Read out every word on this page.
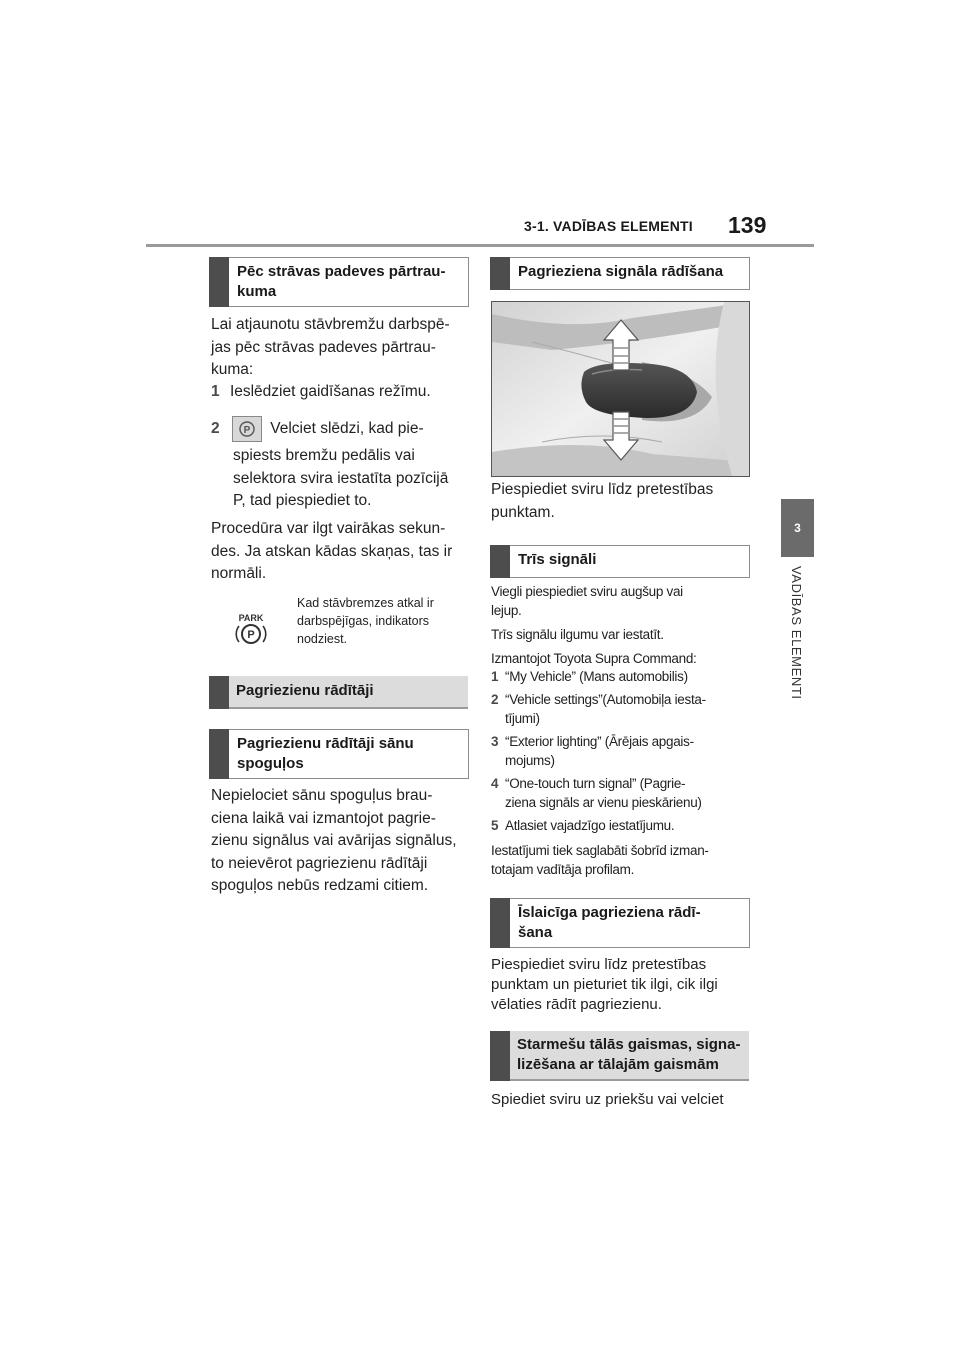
3-1. VADĪBAS ELEMENTI 139
3
VADĪBAS ELEMENTI
Pēc strāvas padeves pārtrau-
kuma
Lai atjaunotu stāvbremžu darbspē-
jas pēc strāvas padeves pārtrau-
kuma:
1 Ieslēdziet gaidīšanas režīmu.
2 P Velciet slēdzi, kad pie-
spiests bremžu pedālis vai
selektora svira iestatīta pozīcijā
P, tad piespiediet to.
Procedūra var ilgt vairākas sekun-
des. Ja atskan kādas skaņas, tas ir
normāli.
PARK
P
Kad stāvbremzes atkal ir
darbspējīgas, indikators
nodziest.
Pagriezienu rādītāji
Pagriezienu rādītāji sānu
spoguļos
Nepielociet sānu spoguļus brau-
ciena laikā vai izmantojot pagrie-
zienu signālus vai avārijas signālus,
to neievērot pagriezienu rādītāji
spoguļos nebūs redzami citiem.
Pagrieziena signāla rādīšana
Piespiediet sviru līdz pretestības
punktam.
Trīs signāli
Viegli piespiediet sviru augšup vai
lejup.
Trīs signālu ilgumu var iestatīt.
Izmantojot Toyota Supra Command:
1 “My Vehicle” (Mans automobilis)
2 “Vehicle settings”(Automobiļa iesta-
tījumi)
3 “Exterior lighting” (Ārējais apgais-
mojums)
4 “One-touch turn signal” (Pagrie-
ziena signāls ar vienu pieskārienu)
5 Atlasiet vajadzīgo iestatījumu.
Iestatījumi tiek saglabāti šobrīd izman-
totajam vadītāja profilam.
Īslaicīga pagrieziena rādī-
šana
Piespiediet sviru līdz pretestības
punktam un pieturiet tik ilgi, cik ilgi
vēlaties rādīt pagriezienu.
Starmešu tālās gaismas, signa-
lizēšana ar tālajām gaismām
Spiediet sviru uz priekšu vai velciet
